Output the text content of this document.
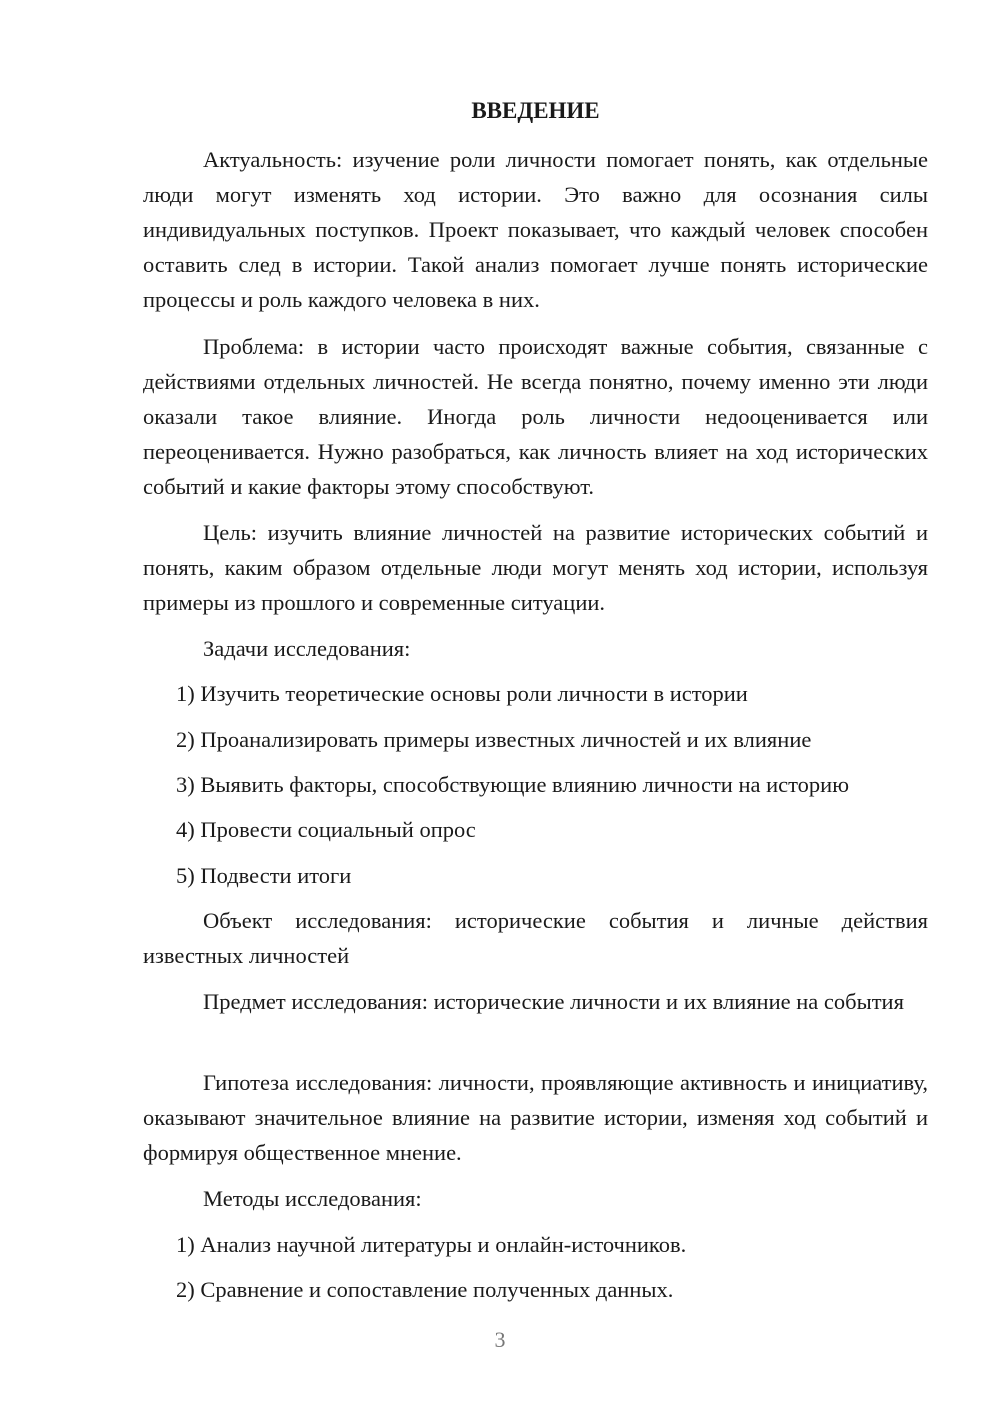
ВВЕДЕНИЕ

Актуальность: изучение роли личности помогает понять, как отдельные люди могут изменять ход истории. Это важно для осознания силы индивидуальных поступков. Проект показывает, что каждый человек способен оставить след в истории. Такой анализ помогает лучше понять исторические процессы и роль каждого человека в них.

Проблема: в истории часто происходят важные события, связанные с действиями отдельных личностей. Не всегда понятно, почему именно эти люди оказали такое влияние. Иногда роль личности недооценивается или переоценивается. Нужно разобраться, как личность влияет на ход исторических событий и какие факторы этому способствуют.

Цель: изучить влияние личностей на развитие исторических событий и понять, каким образом отдельные люди могут менять ход истории, используя примеры из прошлого и современные ситуации.

Задачи исследования:

1) Изучить теоретические основы роли личности в истории

2) Проанализировать примеры известных личностей и их влияние

3) Выявить факторы, способствующие влиянию личности на историю

4) Провести социальный опрос

5) Подвести итоги

Объект исследования: исторические события и личные действия известных личностей

Предмет исследования: исторические личности и их влияние на события

Гипотеза исследования: личности, проявляющие активность и инициативу, оказывают значительное влияние на развитие истории, изменяя ход событий и формируя общественное мнение.

Методы исследования:

1) Анализ научной литературы и онлайн-источников.

2) Сравнение и сопоставление полученных данных.

3
